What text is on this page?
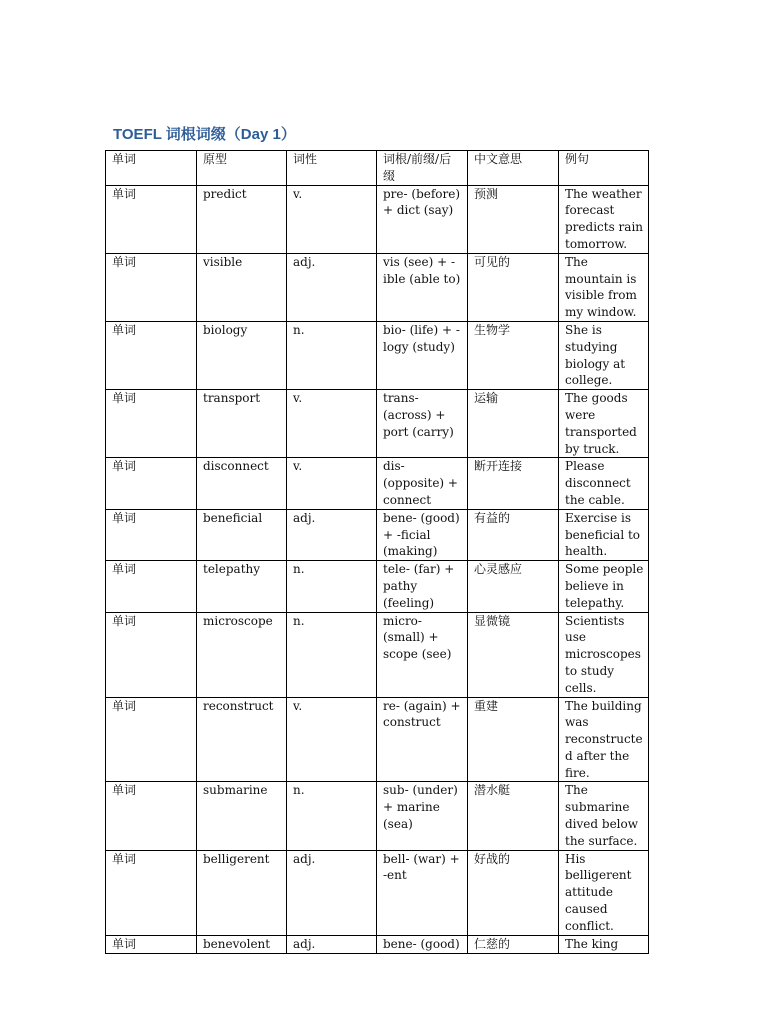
TOEFL 词根词缀（Day 1）
单词	原型	词性	词根/前缀/后缀	中文意思	例句
单词	predict	v.	pre- (before) + dict (say)	预测	The weather forecast predicts rain tomorrow.
单词	visible	adj.	vis (see) + -ible (able to)	可见的	The mountain is visible from my window.
单词	biology	n.	bio- (life) + -logy (study)	生物学	She is studying biology at college.
单词	transport	v.	trans- (across) + port (carry)	运输	The goods were transported by truck.
单词	disconnect	v.	dis- (opposite) + connect	断开连接	Please disconnect the cable.
单词	beneficial	adj.	bene- (good) + -ficial (making)	有益的	Exercise is beneficial to health.
单词	telepathy	n.	tele- (far) + pathy (feeling)	心灵感应	Some people believe in telepathy.
单词	microscope	n.	micro- (small) + scope (see)	显微镜	Scientists use microscopes to study cells.
单词	reconstruct	v.	re- (again) + construct	重建	The building was reconstructed after the fire.
单词	submarine	n.	sub- (under) + marine (sea)	潜水艇	The submarine dived below the surface.
单词	belligerent	adj.	bell- (war) + -ent	好战的	His belligerent attitude caused conflict.
单词	benevolent	adj.	bene- (good)	仁慈的	The king
